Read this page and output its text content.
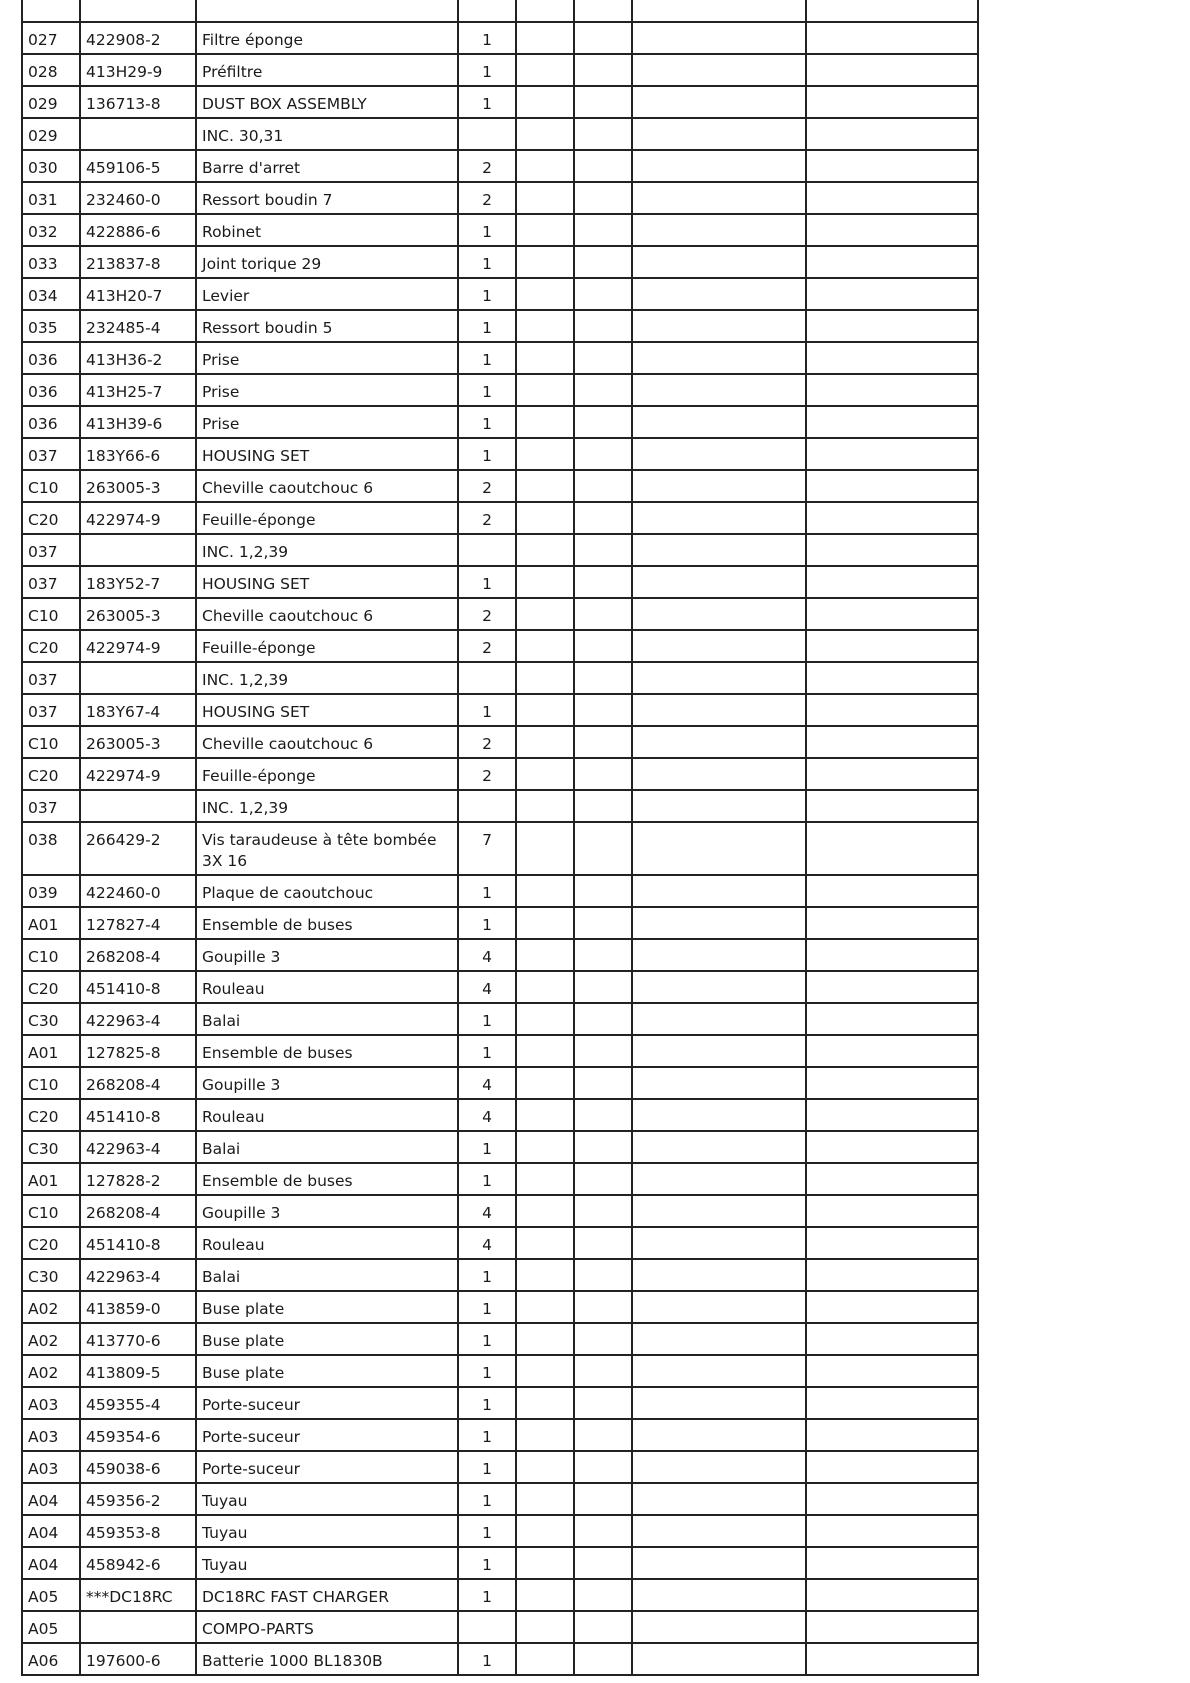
027	422908-2	Filtre éponge	1				
028	413H29-9	Préfiltre	1				
029	136713-8	DUST BOX ASSEMBLY	1				
029		INC. 30,31					
030	459106-5	Barre d'arret	2				
031	232460-0	Ressort boudin 7	2				
032	422886-6	Robinet	1				
033	213837-8	Joint torique 29	1				
034	413H20-7	Levier	1				
035	232485-4	Ressort boudin 5	1				
036	413H36-2	Prise	1				
036	413H25-7	Prise	1				
036	413H39-6	Prise	1				
037	183Y66-6	HOUSING SET	1				
C10	263005-3	Cheville caoutchouc 6	2				
C20	422974-9	Feuille-éponge	2				
037		INC. 1,2,39					
037	183Y52-7	HOUSING SET	1				
C10	263005-3	Cheville caoutchouc 6	2				
C20	422974-9	Feuille-éponge	2				
037		INC. 1,2,39					
037	183Y67-4	HOUSING SET	1				
C10	263005-3	Cheville caoutchouc 6	2				
C20	422974-9	Feuille-éponge	2				
037		INC. 1,2,39					
038	266429-2	Vis taraudeuse à tête bombée 3X 16	7				
039	422460-0	Plaque de caoutchouc	1				
A01	127827-4	Ensemble de buses	1				
C10	268208-4	Goupille 3	4				
C20	451410-8	Rouleau	4				
C30	422963-4	Balai	1				
A01	127825-8	Ensemble de buses	1				
C10	268208-4	Goupille 3	4				
C20	451410-8	Rouleau	4				
C30	422963-4	Balai	1				
A01	127828-2	Ensemble de buses	1				
C10	268208-4	Goupille 3	4				
C20	451410-8	Rouleau	4				
C30	422963-4	Balai	1				
A02	413859-0	Buse plate	1				
A02	413770-6	Buse plate	1				
A02	413809-5	Buse plate	1				
A03	459355-4	Porte-suceur	1				
A03	459354-6	Porte-suceur	1				
A03	459038-6	Porte-suceur	1				
A04	459356-2	Tuyau	1				
A04	459353-8	Tuyau	1				
A04	458942-6	Tuyau	1				
A05	***DC18RC	DC18RC FAST CHARGER	1				
A05		COMPO-PARTS					
A06	197600-6	Batterie 1000 BL1830B	1				
